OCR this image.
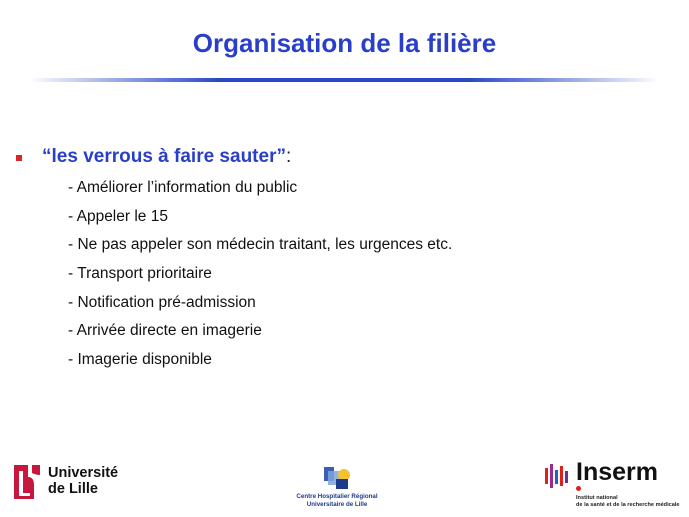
Organisation de la filière
“les verrous à faire sauter” :
- Améliorer l’information du public
- Appeler le 15
- Ne pas appeler son médecin traitant, les urgences etc.
- Transport prioritaire
- Notification pré-admission
- Arrivée directe en imagerie
- Imagerie disponible
Université
de Lille	Centre Hospitalier Régional
Universitaire de Lille
Inserm
Institut national
de la santé et de la recherche médicale
